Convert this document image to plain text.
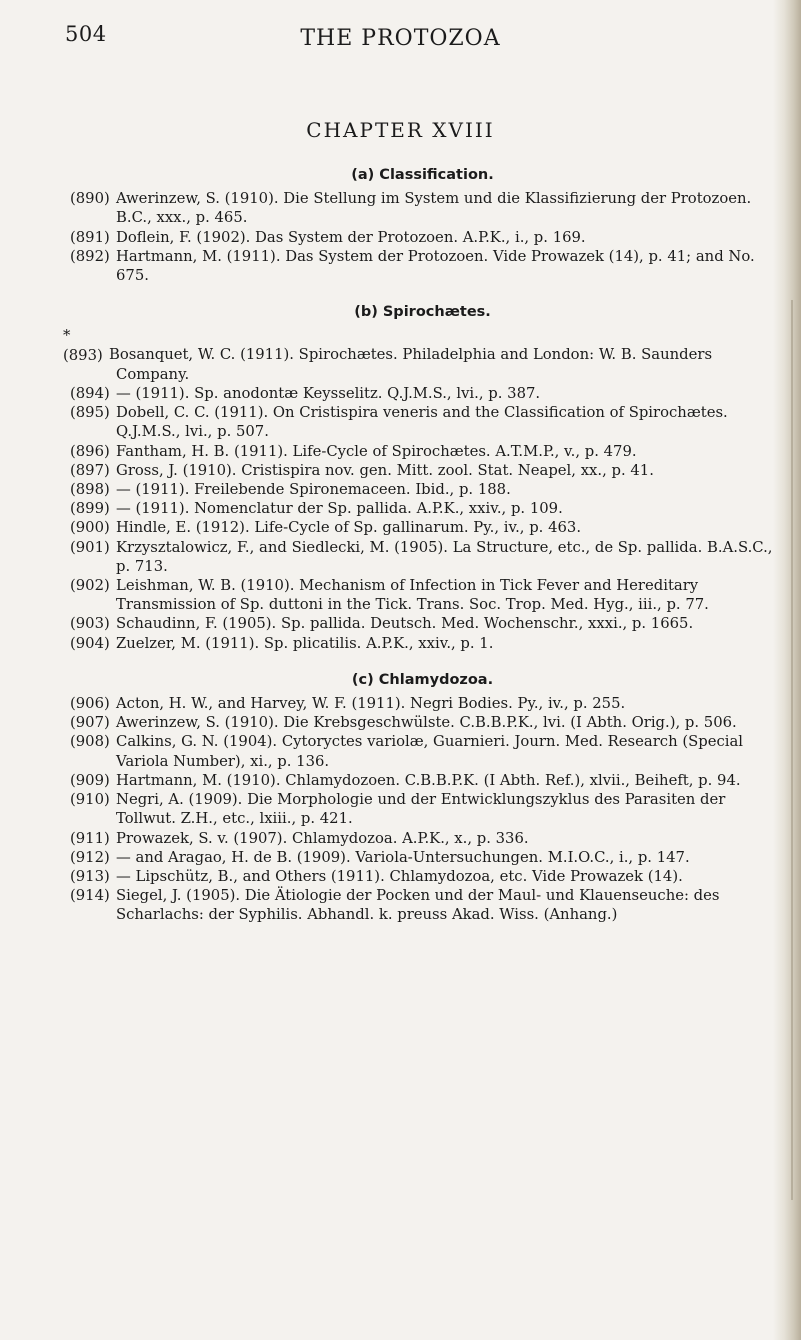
504	THE PROTOZOA
CHAPTER XVIII
(a) Classification.

(890) Awerinzew, S. (1910). Die Stellung im System und die Klassifizierung der Protozoen. B.C., xxx., p. 465.

(891) Doflein, F. (1902). Das System der Protozoen. A.P.K., i., p. 169.

(892) Hartmann, M. (1911). Das System der Protozoen. Vide Prowazek (14), p. 41; and No. 675.

(b) Spirochætes.

*(893) Bosanquet, W. C. (1911). Spirochætes. Philadelphia and London: W. B. Saunders Company.

(894) — (1911). Sp. anodontæ Keysselitz. Q.J.M.S., lvi., p. 387.

(895) Dobell, C. C. (1911). On Cristispira veneris and the Classification of Spirochætes. Q.J.M.S., lvi., p. 507.

(896) Fantham, H. B. (1911). Life-Cycle of Spirochætes. A.T.M.P., v., p. 479.

(897) Gross, J. (1910). Cristispira nov. gen. Mitt. zool. Stat. Neapel, xx., p. 41.

(898) — (1911). Freilebende Spironemaceen. Ibid., p. 188.

(899) — (1911). Nomenclatur der Sp. pallida. A.P.K., xxiv., p. 109.

(900) Hindle, E. (1912). Life-Cycle of Sp. gallinarum. Py., iv., p. 463.

(901) Krzysztalowicz, F., and Siedlecki, M. (1905). La Structure, etc., de Sp. pallida. B.A.S.C., p. 713.

(902) Leishman, W. B. (1910). Mechanism of Infection in Tick Fever and Hereditary Transmission of Sp. duttoni in the Tick. Trans. Soc. Trop. Med. Hyg., iii., p. 77.

(903) Schaudinn, F. (1905). Sp. pallida. Deutsch. Med. Wochenschr., xxxi., p. 1665.

(904) Zuelzer, M. (1911). Sp. plicatilis. A.P.K., xxiv., p. 1.

(c) Chlamydozoa.

(906) Acton, H. W., and Harvey, W. F. (1911). Negri Bodies. Py., iv., p. 255.

(907) Awerinzew, S. (1910). Die Krebsgeschwülste. C.B.B.P.K., lvi. (I Abth. Orig.), p. 506.

(908) Calkins, G. N. (1904). Cytoryctes variolæ, Guarnieri. Journ. Med. Research (Special Variola Number), xi., p. 136.

(909) Hartmann, M. (1910). Chlamydozoen. C.B.B.P.K. (I Abth. Ref.), xlvii., Beiheft, p. 94.

(910) Negri, A. (1909). Die Morphologie und der Entwicklungszyklus des Parasiten der Tollwut. Z.H., etc., lxiii., p. 421.

(911) Prowazek, S. v. (1907). Chlamydozoa. A.P.K., x., p. 336.

(912) — and Aragao, H. de B. (1909). Variola-Untersuchungen. M.I.O.C., i., p. 147.

(913) — Lipschütz, B., and Others (1911). Chlamydozoa, etc. Vide Prowazek (14).

(914) Siegel, J. (1905). Die Ätiologie der Pocken und der Maul- und Klauenseuche: des Scharlachs: der Syphilis. Abhandl. k. preuss Akad. Wiss. (Anhang.)
